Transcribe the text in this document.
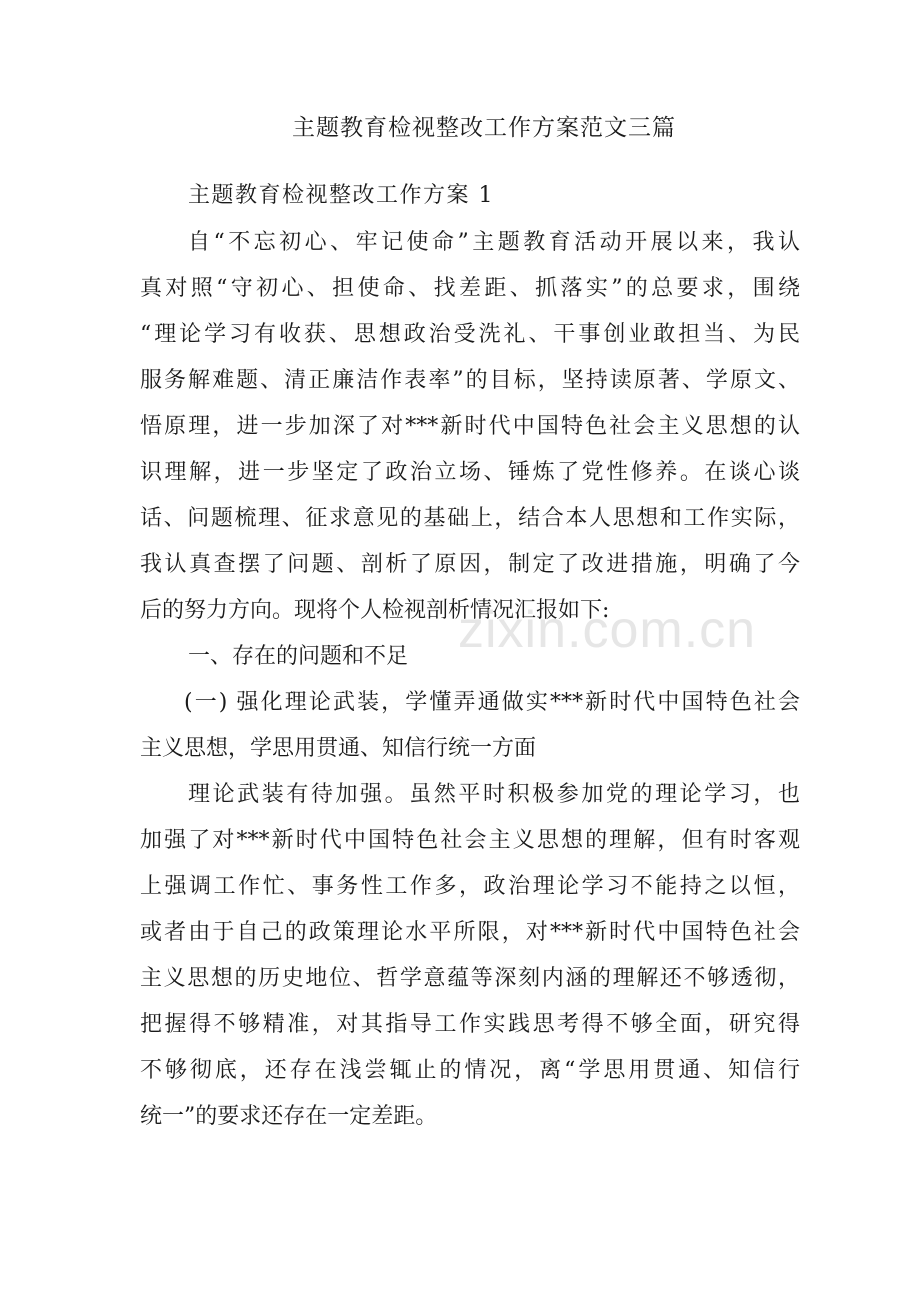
主题教育检视整改工作方案范文三篇
主题教育检视整改工作方案 1
自“不忘初心、牢记使命”主题教育活动开展以来，我认
真对照“守初心、担使命、找差距、抓落实”的总要求，围绕
“理论学习有收获、思想政治受洗礼、干事创业敢担当、为民
服务解难题、清正廉洁作表率”的目标，坚持读原著、学原文、
悟原理，进一步加深了对***新时代中国特色社会主义思想的认
识理解，进一步坚定了政治立场、锤炼了党性修养。在谈心谈
话、问题梳理、征求意见的基础上，结合本人思想和工作实际，
我认真查摆了问题、剖析了原因，制定了改进措施，明确了今
后的努力方向。现将个人检视剖析情况汇报如下:
一、存在的问题和不足
(一) 强化理论武装，学懂弄通做实***新时代中国特色社会
主义思想，学思用贯通、知信行统一方面
理论武装有待加强。虽然平时积极参加党的理论学习，也
加强了对***新时代中国特色社会主义思想的理解，但有时客观
上强调工作忙、事务性工作多，政治理论学习不能持之以恒，
或者由于自己的政策理论水平所限，对***新时代中国特色社会
主义思想的历史地位、哲学意蕴等深刻内涵的理解还不够透彻，
把握得不够精准，对其指导工作实践思考得不够全面，研究得
不够彻底，还存在浅尝辄止的情况，离“学思用贯通、知信行
统一”的要求还存在一定差距。
zixin.com.cn
